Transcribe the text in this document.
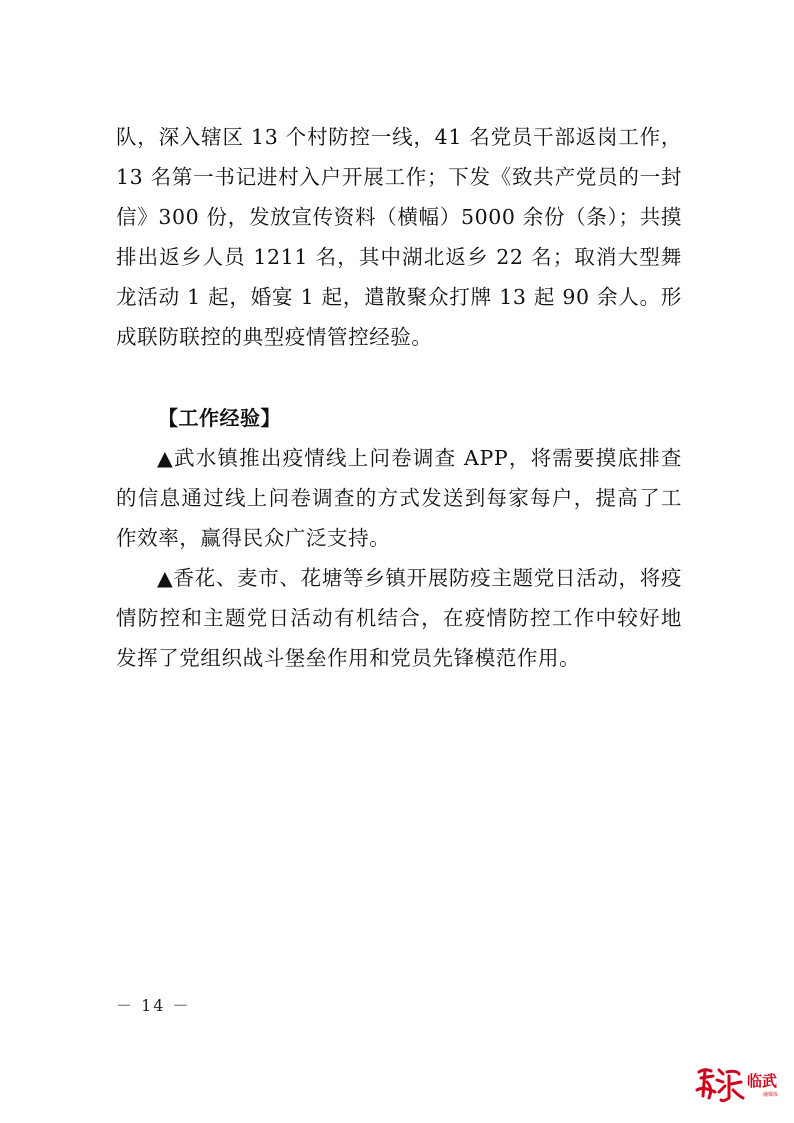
队，深入辖区 13 个村防控一线，41 名党员干部返岗工作，13 名第一书记进村入户开展工作；下发《致共产党员的一封信》300 份，发放宣传资料（横幅）5000 余份（条）；共摸排出返乡人员 1211 名，其中湖北返乡 22 名；取消大型舞龙活动 1 起，婚宴 1 起，遣散聚众打牌 13 起 90 余人。形成联防联控的典型疫情管控经验。

【工作经验】

▲武水镇推出疫情线上问卷调查 APP，将需要摸底排查的信息通过线上问卷调查的方式发送到每家每户，提高了工作效率，赢得民众广泛支持。

▲香花、麦市、花塘等乡镇开展防疫主题党日活动，将疫情防控和主题党日活动有机结合，在疫情防控工作中较好地发挥了党组织战斗堡垒作用和党员先锋模范作用。

－ 14 －
临武
融媒体
